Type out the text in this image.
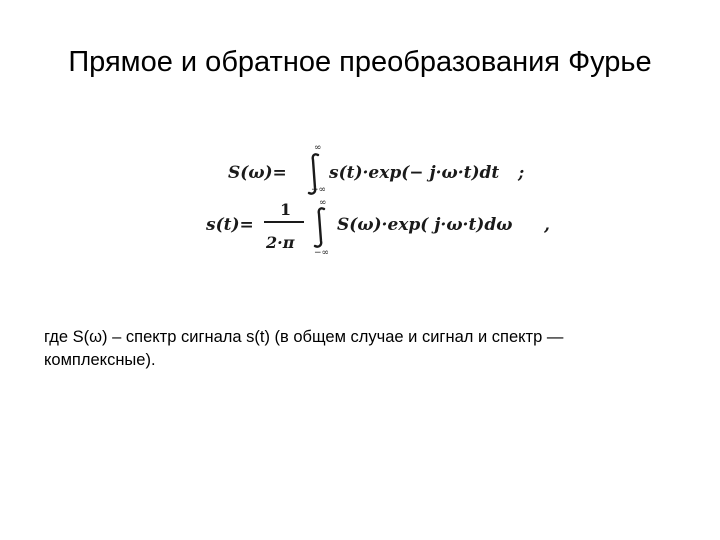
Прямое и обратное преобразования Фурье
S(ω)=
∞
−∞
s(t)·exp(− j·ω·t)dt ;
s(t)=
1
2·π
∞
−∞
S(ω)·exp( j·ω·t)dω ,

где S(ω) – спектр сигнала s(t) (в общем случае и сигнал и спектр —
комплексные).
